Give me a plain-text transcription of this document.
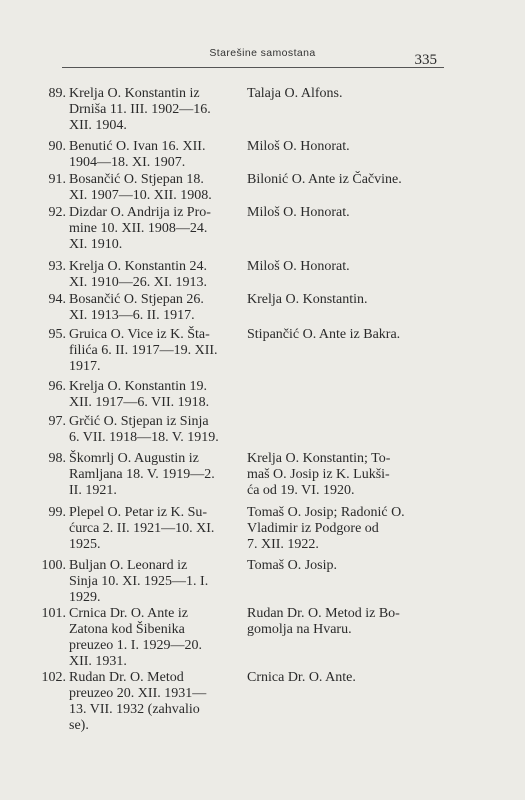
Starešine samostana	335
89. Krelja O. Konstantin iz
Drniša 11. III. 1902—16.
XII. 1904.
Talaja O. Alfons.
90. Benutić O. Ivan 16. XII.
1904—18. XI. 1907.
Miloš O. Honorat.
91. Bosančić O. Stjepan 18.
XI. 1907—10. XII. 1908.
Bilonić O. Ante iz Čačvine.
92. Dizdar O. Andrija iz Pro-
mine 10. XII. 1908—24.
XI. 1910.
Miloš O. Honorat.
93. Krelja O. Konstantin 24.
XI. 1910—26. XI. 1913.
Miloš O. Honorat.
94. Bosančić O. Stjepan 26.
XI. 1913—6. II. 1917.
Krelja O. Konstantin.
95. Gruica O. Vice iz K. Šta-
filića 6. II. 1917—19. XII.
1917.
Stipančić O. Ante iz Bakra.
96. Krelja O. Konstantin 19.
XII. 1917—6. VII. 1918.
97. Grčić O. Stjepan iz Sinja
6. VII. 1918—18. V. 1919.
98. Škomrlj O. Augustin iz
Ramljana 18. V. 1919—2.
II. 1921.
Krelja O. Konstantin; To-
maš O. Josip iz K. Lukši-
ća od 19. VI. 1920.
99. Plepel O. Petar iz K. Su-
ćurca 2. II. 1921—10. XI.
1925.
Tomaš O. Josip; Radonić O.
Vladimir iz Podgore od
7. XII. 1922.
100. Buljan O. Leonard iz
Sinja 10. XI. 1925—1. I.
1929.
Tomaš O. Josip.
101. Crnica Dr. O. Ante iz
Zatona kod Šibenika
preuzeo 1. I. 1929—20.
XII. 1931.
Rudan Dr. O. Metod iz Bo-
gomolja na Hvaru.
102. Rudan Dr. O. Metod
preuzeo 20. XII. 1931—
13. VII. 1932 (zahvalio
se).
Crnica Dr. O. Ante.
